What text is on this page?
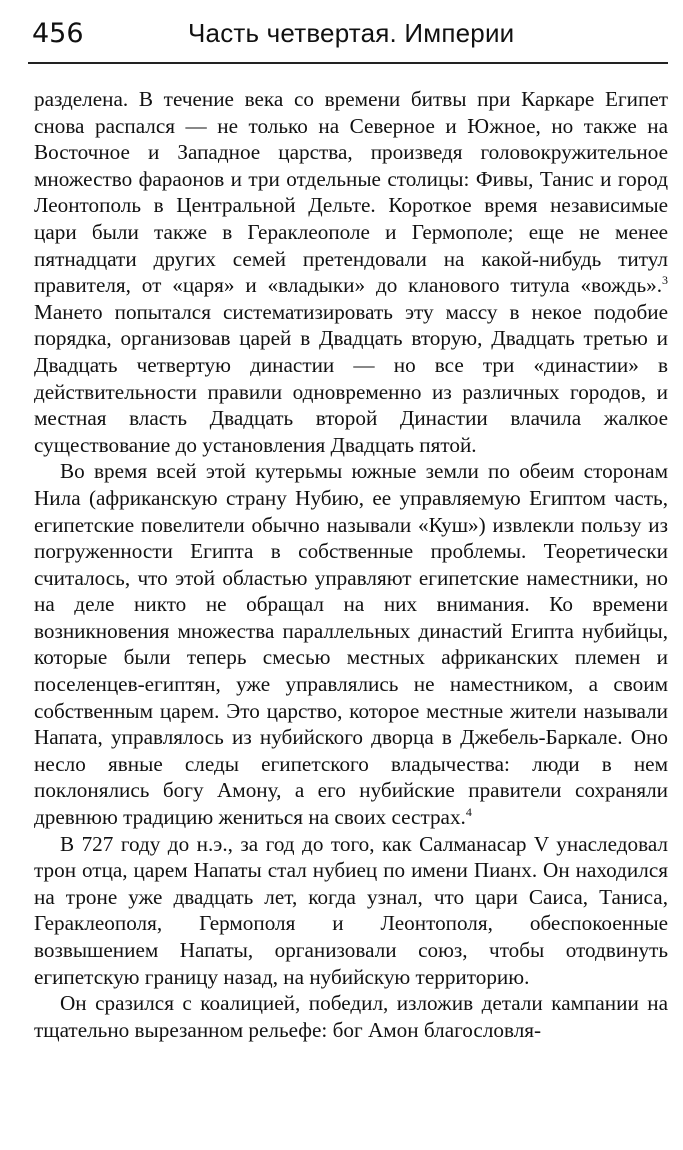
456	Часть четвертая. Империи

разделена. В течение века со времени битвы при Каркаре Египет снова распался — не только на Северное и Южное, но также на Восточное и Западное царства, произведя головокружительное множество фараонов и три отдельные столицы: Фивы, Танис и город Леонтополь в Центральной Дельте. Короткое время независимые цари были также в Гераклеополе и Гермополе; еще не менее пятнадцати других семей претендовали на какой-нибудь титул правителя, от «царя» и «владыки» до кланового титула «вождь».$^3$ Мането попытался систематизировать эту массу в некое подобие порядка, организовав царей в Двадцать вторую, Двадцать третью и Двадцать четвертую династии — но все три «династии» в действительности правили одновременно из различных городов, и местная власть Двадцать второй Династии влачила жалкое существование до установления Двадцать пятой.

Во время всей этой кутерьмы южные земли по обеим сторонам Нила (африканскую страну Нубию, ее управляемую Египтом часть, египетские повелители обычно называли «Куш») извлекли пользу из погруженности Египта в собственные проблемы. Теоретически считалось, что этой областью управляют египетские наместники, но на деле никто не обращал на них внимания. Ко времени возникновения множества параллельных династий Египта нубийцы, которые были теперь смесью местных африканских племен и поселенцев-египтян, уже управлялись не наместником, а своим собственным царем. Это царство, которое местные жители называли Напата, управлялось из нубийского дворца в Джебель-Баркале. Оно несло явные следы египетского владычества: люди в нем поклонялись богу Амону, а его нубийские правители сохраняли древнюю традицию жениться на своих сестрах.$^4$

В 727 году до н.э., за год до того, как Салманасар V унаследовал трон отца, царем Напаты стал нубиец по имени Пианх. Он находился на троне уже двадцать лет, когда узнал, что цари Саиса, Таниса, Гераклеополя, Гермополя и Леонтополя, обеспокоенные возвышением Напаты, организовали союз, чтобы отодвинуть египетскую границу назад, на нубийскую территорию.

Он сразился с коалицией, победил, изложив детали кампании на тщательно вырезанном рельефе: бог Амон благословля-
